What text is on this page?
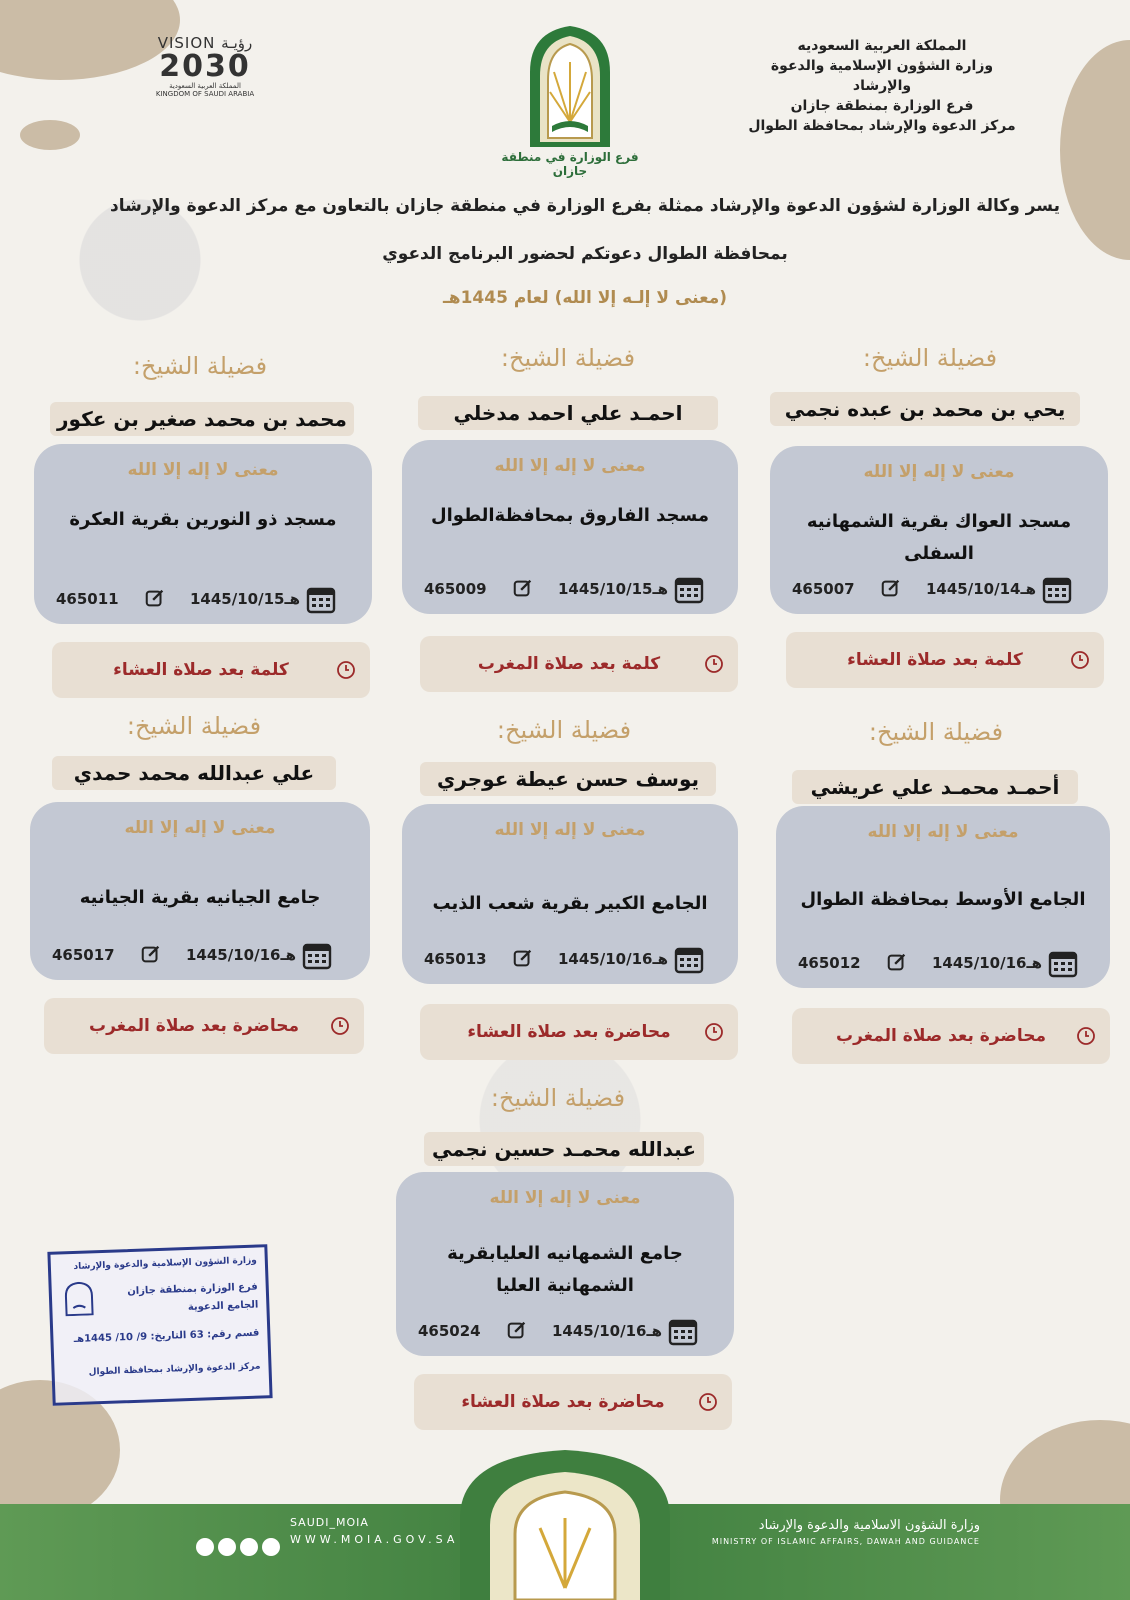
المملكة العربية السعوديه
وزارة الشؤون الإسلامية والدعوة
والإرشاد
فرع الوزارة بمنطقة جازان
مركز الدعوة والإرشاد بمحافظة الطوال
VISION رؤيـة
2030
المملكة العربية السعودية
KINGDOM OF SAUDI ARABIA
فرع الوزارة في منطقة جازان
يسر وكالة الوزارة لشؤون الدعوة والإرشاد ممثلة بفرع الوزارة في منطقة جازان بالتعاون مع مركز الدعوة والإرشاد
بمحافظة الطوال دعوتكم لحضور البرنامج الدعوي
(معنى لا إلـه إلا الله) لعام 1445هـ
فضيلة الشيخ:
يحي بن محمد بن عبده نجمي
معنى لا إله إلا الله
مسجد العواك بقرية الشمهانيه السفلى
465007	1445/10/14هـ
كلمة بعد صلاة العشاء
فضيلة الشيخ:
احمـد علي احمد مدخلي
معنى لا إله إلا الله
مسجد الفاروق بمحافظةالطوال
465009	1445/10/15هـ
كلمة بعد صلاة المغرب
فضيلة الشيخ:
محمد بن محمد صغير بن عكور
معنى لا إله إلا الله
مسجد ذو النورين بقرية العكرة
465011	1445/10/15هـ
كلمة بعد صلاة العشاء
فضيلة الشيخ:
أحمـد محمـد علي عريشي
معنى لا إله إلا الله
الجامع الأوسط بمحافظة الطوال
465012	1445/10/16هـ
محاضرة بعد صلاة المغرب
فضيلة الشيخ:
يوسف حسن عيطة عوجري
معنى لا إله إلا الله
الجامع الكبير بقرية شعب الذيب
465013	1445/10/16هـ
محاضرة بعد صلاة العشاء
فضيلة الشيخ:
علي عبدالله محمد حمدي
معنى لا إله إلا الله
جامع الجيانيه بقرية الجيانيه
465017	1445/10/16هـ
محاضرة بعد صلاة المغرب
فضيلة الشيخ:
عبدالله محمـد حسين نجمي
معنى لا إله إلا الله
جامع الشمهانيه العليابقرية الشمهانية العليا
465024	1445/10/16هـ
محاضرة بعد صلاة العشاء
وزارة الشؤون الإسلامية والدعوة والإرشاد
فرع الوزارة بمنطقة جازان
الجامع الدعوية
قسم رقم: 63 التاريخ: 9/ 10/ 1445هـ
مركز الدعوة والإرشاد بمحافظة الطوال
SAUDI_MOIA
WWW.MOIA.GOV.SA
وزارة الشؤون الاسلامية والدعوة والإرشاد
MINISTRY OF ISLAMIC AFFAIRS, DAWAH AND GUIDANCE
